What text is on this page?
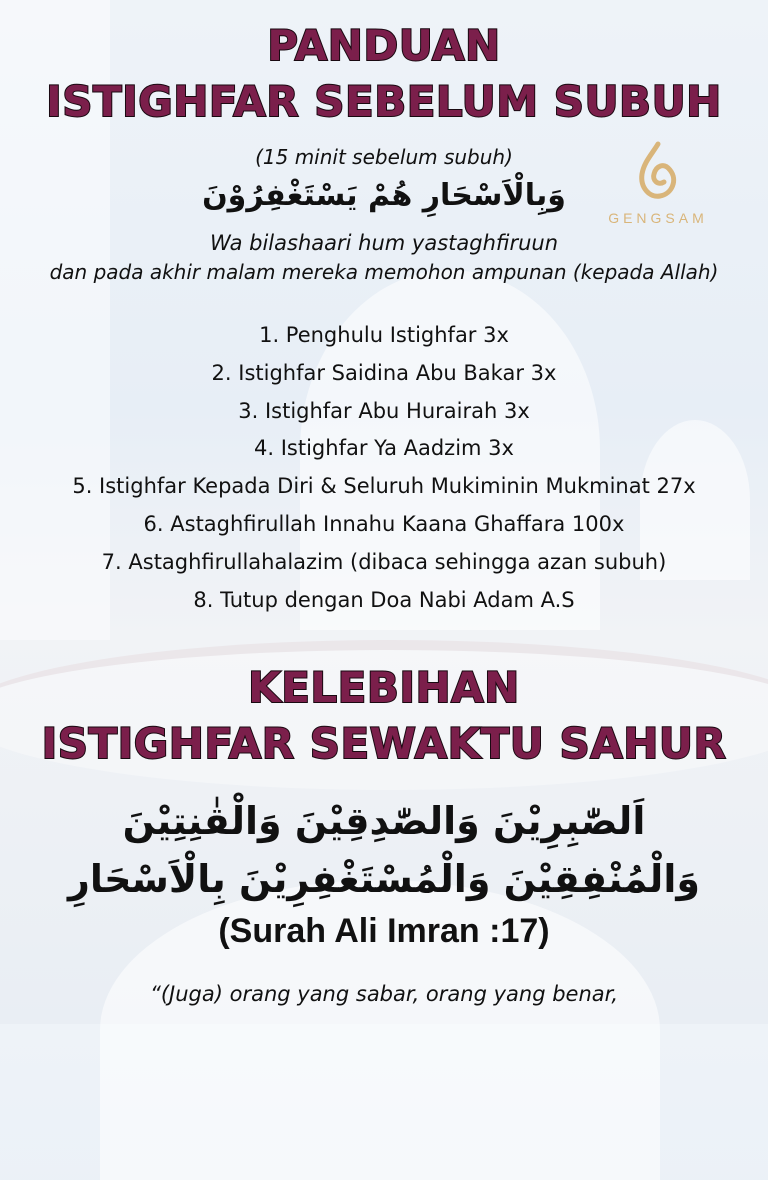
GENGSAM
PANDUAN
ISTIGHFAR SEBELUM SUBUH
(15 minit sebelum subuh)
وَبِالْاَسْحَارِ هُمْ يَسْتَغْفِرُوْنَ
Wa bilashaari hum yastaghfiruun
dan pada akhir malam mereka memohon ampunan (kepada Allah)
1. Penghulu Istighfar 3x
2. Istighfar Saidina Abu Bakar 3x
3. Istighfar Abu Hurairah 3x
4. Istighfar Ya Aadzim 3x
5. Istighfar Kepada Diri & Seluruh Mukiminin Mukminat 27x
6. Astaghfirullah Innahu Kaana Ghaffara 100x
7. Astaghfirullahalazim (dibaca sehingga azan subuh)
8. Tutup dengan Doa Nabi Adam A.S
KELEBIHAN
ISTIGHFAR SEWAKTU SAHUR
اَلصّٰبِرِيْنَ وَالصّٰدِقِيْنَ وَالْقٰنِتِيْنَ
وَالْمُنْفِقِيْنَ وَالْمُسْتَغْفِرِيْنَ بِالْاَسْحَارِ
(Surah Ali Imran :17)
“(Juga) orang yang sabar, orang yang benar,
